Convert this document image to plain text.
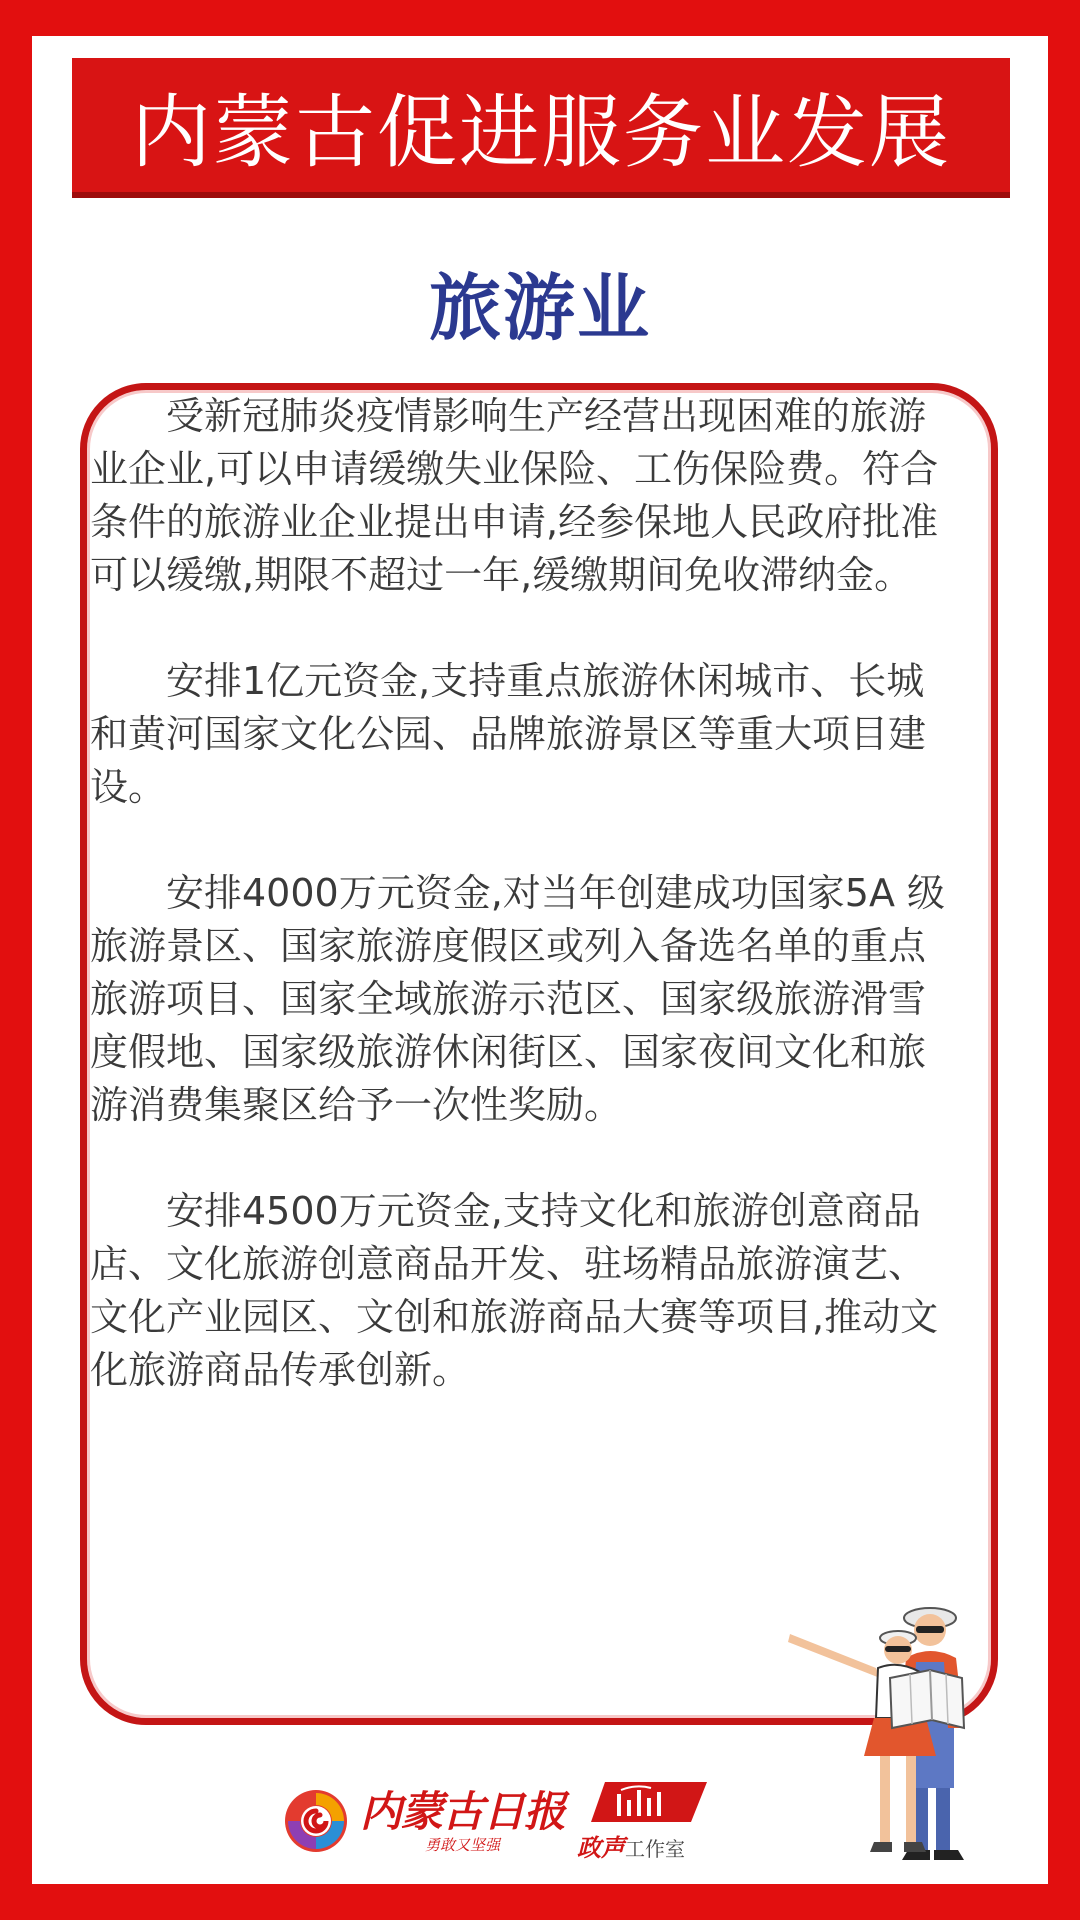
内蒙古促进服务业发展
旅游业
内蒙古日报
勇敢又坚强	政声工作室

受新冠肺炎疫情影响生产经营出现困难的旅游业企业,可以申请缓缴失业保险、工伤保险费。符合条件的旅游业企业提出申请,经参保地人民政府批准可以缓缴,期限不超过一年,缓缴期间免收滞纳金。

安排1亿元资金,支持重点旅游休闲城市、长城和黄河国家文化公园、品牌旅游景区等重大项目建设。

安排4000万元资金,对当年创建成功国家5A 级旅游景区、国家旅游度假区或列入备选名单的重点旅游项目、国家全域旅游示范区、国家级旅游滑雪度假地、国家级旅游休闲街区、国家夜间文化和旅游消费集聚区给予一次性奖励。

安排4500万元资金,支持文化和旅游创意商品店、文化旅游创意商品开发、驻场精品旅游演艺、文化产业园区、文创和旅游商品大赛等项目,推动文化旅游商品传承创新。
